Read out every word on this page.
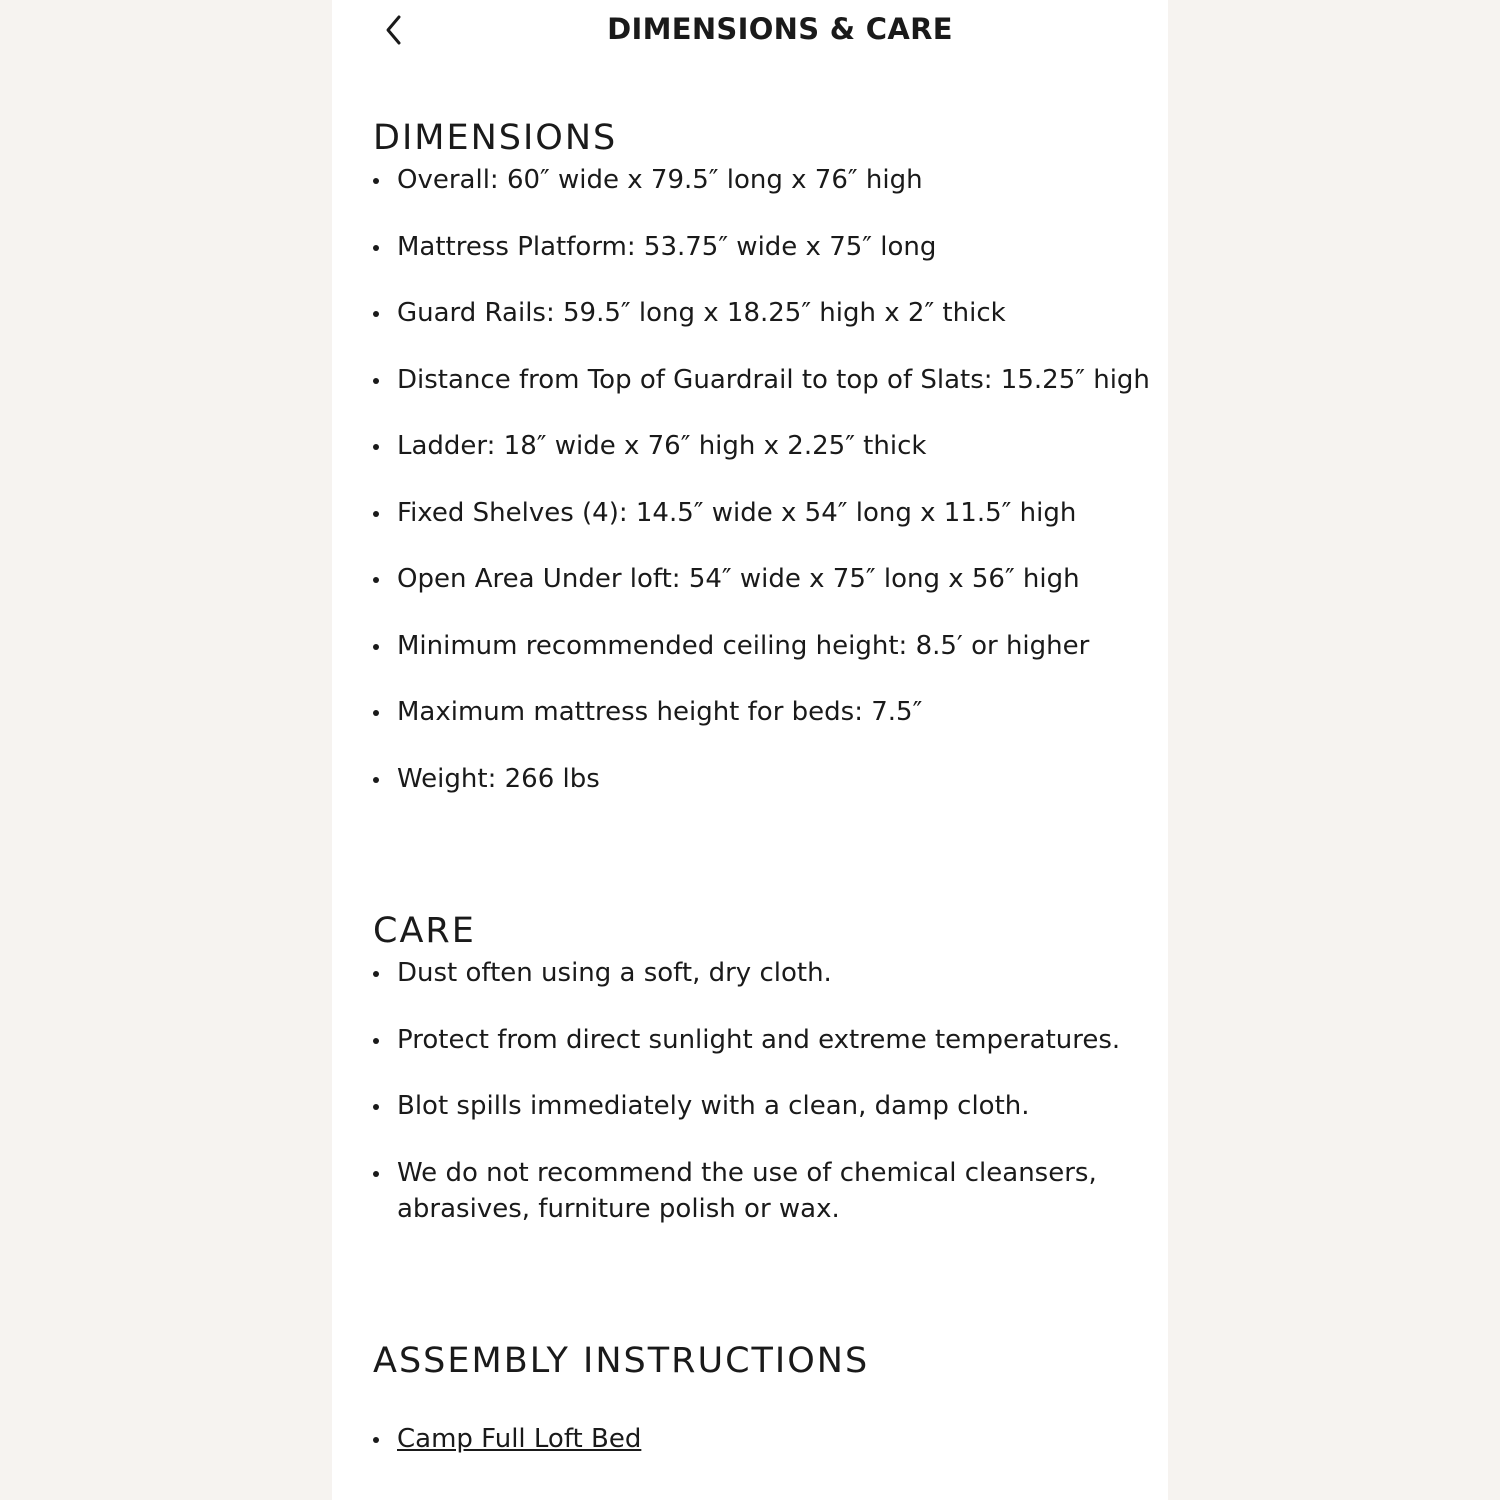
DIMENSIONS & CARE
DIMENSIONS
Overall: 60″ wide x 79.5″ long x 76″ high
Mattress Platform: 53.75″ wide x 75″ long
Guard Rails: 59.5″ long x 18.25″ high x 2″ thick
Distance from Top of Guardrail to top of Slats: 15.25″ high
Ladder: 18″ wide x 76″ high x 2.25″ thick
Fixed Shelves (4): 14.5″ wide x 54″ long x 11.5″ high
Open Area Under loft: 54″ wide x 75″ long x 56″ high
Minimum recommended ceiling height: 8.5′ or higher
Maximum mattress height for beds: 7.5″
Weight: 266 lbs
CARE
Dust often using a soft, dry cloth.
Protect from direct sunlight and extreme temperatures.
Blot spills immediately with a clean, damp cloth.
We do not recommend the use of chemical cleansers, abrasives, furniture polish or wax.
ASSEMBLY INSTRUCTIONS
Camp Full Loft Bed
